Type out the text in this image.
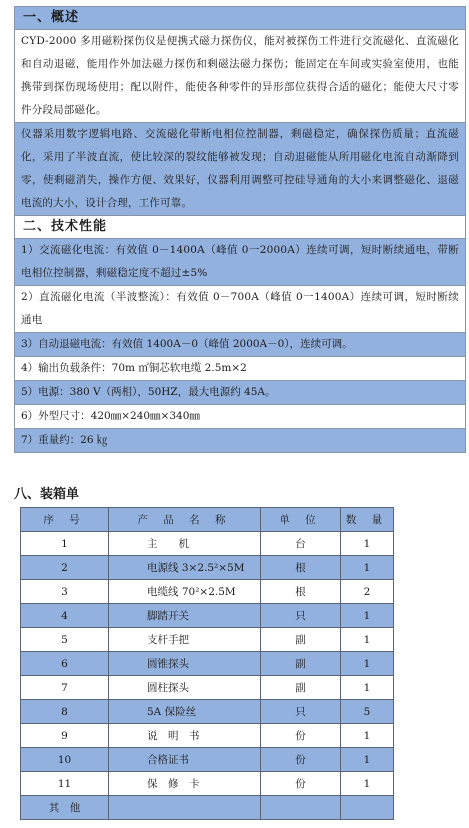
一、概述
CYD-2000 多用磁粉探伤仪是便携式磁力探伤仪，能对被探伤工件进行交流磁化、直流磁化和自动退磁，能用作外加法磁力探伤和剩磁法磁力探伤；能固定在车间或实验室使用，也能携带到探伤现场使用；配以附件，能使各种零件的异形部位获得合适的磁化；能使大尺寸零件分段局部磁化。
仪器采用数字逻辑电路、交流磁化带断电相位控制器，剩磁稳定，确保探伤质量；直流磁化，采用了半波直流，使比较深的裂纹能够被发现；自动退磁能从所用磁化电流自动渐降到零，使剩磁消失，操作方便、效果好，仪器利用调整可控硅导通角的大小来调整磁化、退磁电流的大小，设计合理，工作可靠。
二、技术性能
1）交流磁化电流：有效值 0－1400A（峰值 0一2000A）连续可调，短时断续通电，带断电相位控制器，剩磁稳定度不超过±5%
2）直流磁化电流（半波整流）：有效值 0－700A（峰值 0一1400A）连续可调，短时断续通电
3）自动退磁电流：有效值 1400A－0（峰值 2000A－0），连续可调。
4）输出负载条件：70m ㎡铜芯软电缆 2.5m×2
5）电源：380 V（两相），50HZ，最大电源约 45A。
6）外型尺寸：420㎜×240㎜×340㎜
7）重量约：26 ㎏
八、装箱单
序 号	产 品 名 称	单 位	数 量
1	主　　机	台	1
2	电源线 3×2.5²×5M	根	1
3	电缆线 70²×2.5M	根	2
4	脚踏开关	只	1
5	支杆手把	副	1
6	圆锥探头	副	1
7	圆柱探头	副	1
8	5A 保险丝	只	5
9	说　明　书	份	1
10	合格证书	份	1
11	保　修　卡	份	1
其　他			
